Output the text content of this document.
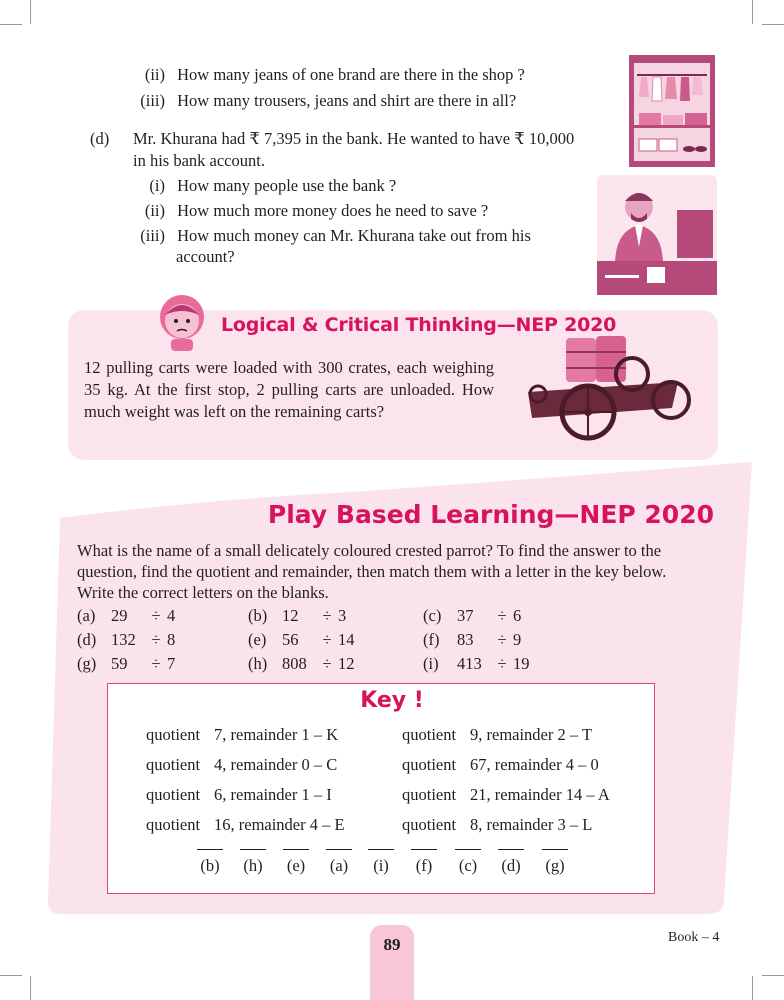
(ii) How many jeans of one brand are there in the shop ?
(iii) How many trousers, jeans and shirt are there in all?
(d) Mr. Khurana had ₹ 7,395 in the bank. He wanted to have ₹ 10,000
in his bank account.
(i) How many people use the bank ?
(ii) How much more money does he need to save ?
(iii) How much money can Mr. Khurana take out from his
account?
Logical & Critical Thinking—NEP 2020
12 pulling carts were loaded with 300 crates, each weighing 35 kg. At the first stop, 2 pulling carts are unloaded. How much weight was left on the remaining carts?
Play Based Learning—NEP 2020
What is the name of a small delicately coloured crested parrot? To find the answer to the question, find the quotient and remainder, then match them with a letter in the key below. Write the correct letters on the blanks.
(a) 29 ÷ 4	(b) 12 ÷ 3	(c) 37 ÷ 6
(d) 132 ÷ 8	(e) 56 ÷ 14	(f) 83 ÷ 9
(g) 59 ÷ 7	(h) 808 ÷ 12	(i) 413 ÷ 19
Key !
quotient 7, remainder 1 – K	quotient 9, remainder 2 – T
quotient 4, remainder 0 – C	quotient 67, remainder 4 – 0
quotient 6, remainder 1 – I	quotient 21, remainder 14 – A
quotient 16, remainder 4 – E	quotient 8, remainder 3 – L
(b) (h) (e) (a)	(i)	(f) (c) (d) (g)
89	Book – 4
